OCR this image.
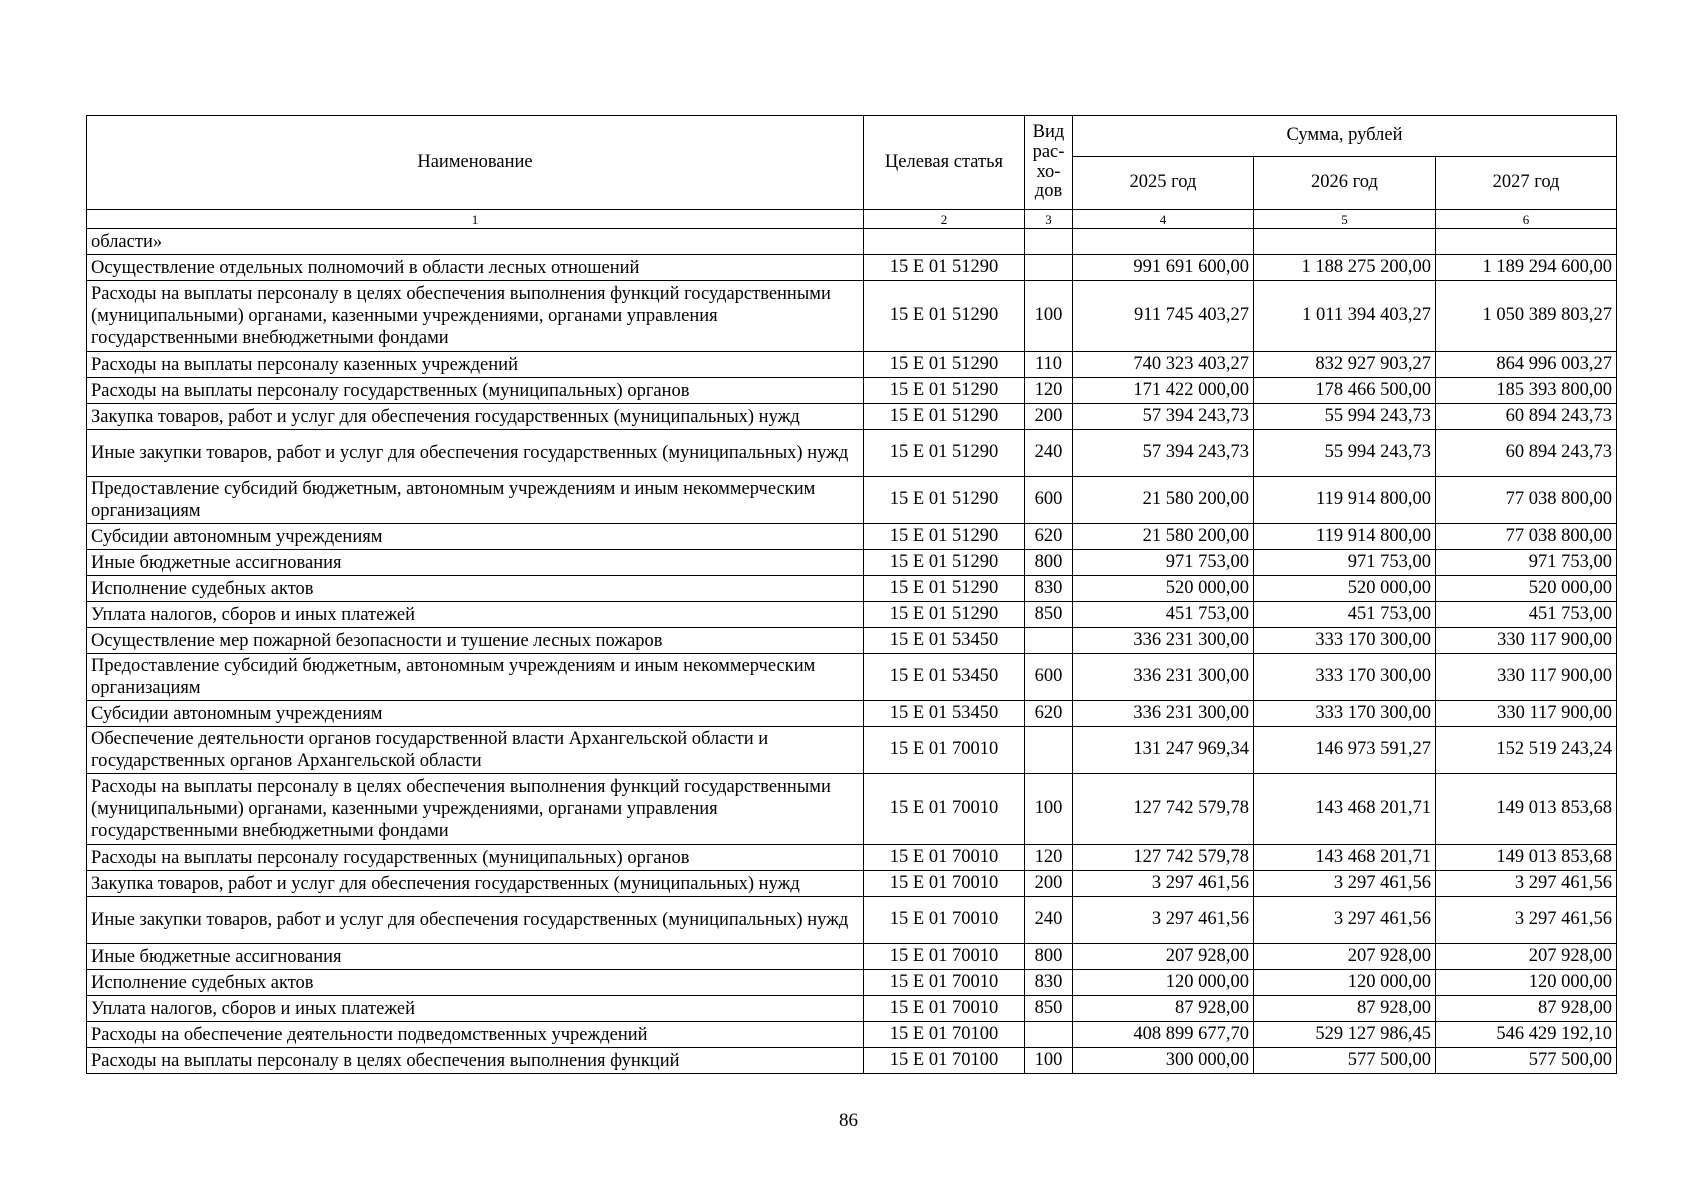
Наименование	Целевая статья	Вид
рас-
хо-
дов	Сумма, рублей		
			2025 год	2026 год	2027 год
1	2	3	4	5	6
области»					
Осуществление отдельных полномочий в области лесных отношений	15 Е 01 51290		991 691 600,00	1 188 275 200,00	1 189 294 600,00
Расходы на выплаты персоналу в целях обеспечения выполнения функций государственными (муниципальными) органами, казенными учреждениями, органами управления государственными внебюджетными фондами	15 Е 01 51290	100	911 745 403,27	1 011 394 403,27	1 050 389 803,27
Расходы на выплаты персоналу казенных учреждений	15 Е 01 51290	110	740 323 403,27	832 927 903,27	864 996 003,27
Расходы на выплаты персоналу государственных (муниципальных) органов	15 Е 01 51290	120	171 422 000,00	178 466 500,00	185 393 800,00
Закупка товаров, работ и услуг для обеспечения государственных (муниципальных) нужд	15 Е 01 51290	200	57 394 243,73	55 994 243,73	60 894 243,73
Иные закупки товаров, работ и услуг для обеспечения государственных (муниципальных) нужд	15 Е 01 51290	240	57 394 243,73	55 994 243,73	60 894 243,73
Предоставление субсидий бюджетным, автономным учреждениям и иным некоммерческим организациям	15 Е 01 51290	600	21 580 200,00	119 914 800,00	77 038 800,00
Субсидии автономным учреждениям	15 Е 01 51290	620	21 580 200,00	119 914 800,00	77 038 800,00
Иные бюджетные ассигнования	15 Е 01 51290	800	971 753,00	971 753,00	971 753,00
Исполнение судебных актов	15 Е 01 51290	830	520 000,00	520 000,00	520 000,00
Уплата налогов, сборов и иных платежей	15 Е 01 51290	850	451 753,00	451 753,00	451 753,00
Осуществление мер пожарной безопасности и тушение лесных пожаров	15 Е 01 53450		336 231 300,00	333 170 300,00	330 117 900,00
Предоставление субсидий бюджетным, автономным учреждениям и иным некоммерческим организациям	15 Е 01 53450	600	336 231 300,00	333 170 300,00	330 117 900,00
Субсидии автономным учреждениям	15 Е 01 53450	620	336 231 300,00	333 170 300,00	330 117 900,00
Обеспечение деятельности органов государственной власти Архангельской области и государственных органов Архангельской области	15 Е 01 70010		131 247 969,34	146 973 591,27	152 519 243,24
Расходы на выплаты персоналу в целях обеспечения выполнения функций государственными (муниципальными) органами, казенными учреждениями, органами управления государственными внебюджетными фондами	15 Е 01 70010	100	127 742 579,78	143 468 201,71	149 013 853,68
Расходы на выплаты персоналу государственных (муниципальных) органов	15 Е 01 70010	120	127 742 579,78	143 468 201,71	149 013 853,68
Закупка товаров, работ и услуг для обеспечения государственных (муниципальных) нужд	15 Е 01 70010	200	3 297 461,56	3 297 461,56	3 297 461,56
Иные закупки товаров, работ и услуг для обеспечения государственных (муниципальных) нужд	15 Е 01 70010	240	3 297 461,56	3 297 461,56	3 297 461,56
Иные бюджетные ассигнования	15 Е 01 70010	800	207 928,00	207 928,00	207 928,00
Исполнение судебных актов	15 Е 01 70010	830	120 000,00	120 000,00	120 000,00
Уплата налогов, сборов и иных платежей	15 Е 01 70010	850	87 928,00	87 928,00	87 928,00
Расходы на обеспечение деятельности подведомственных учреждений	15 Е 01 70100		408 899 677,70	529 127 986,45	546 429 192,10
Расходы на выплаты персоналу в целях обеспечения выполнения функций	15 Е 01 70100	100	300 000,00	577 500,00	577 500,00
86
